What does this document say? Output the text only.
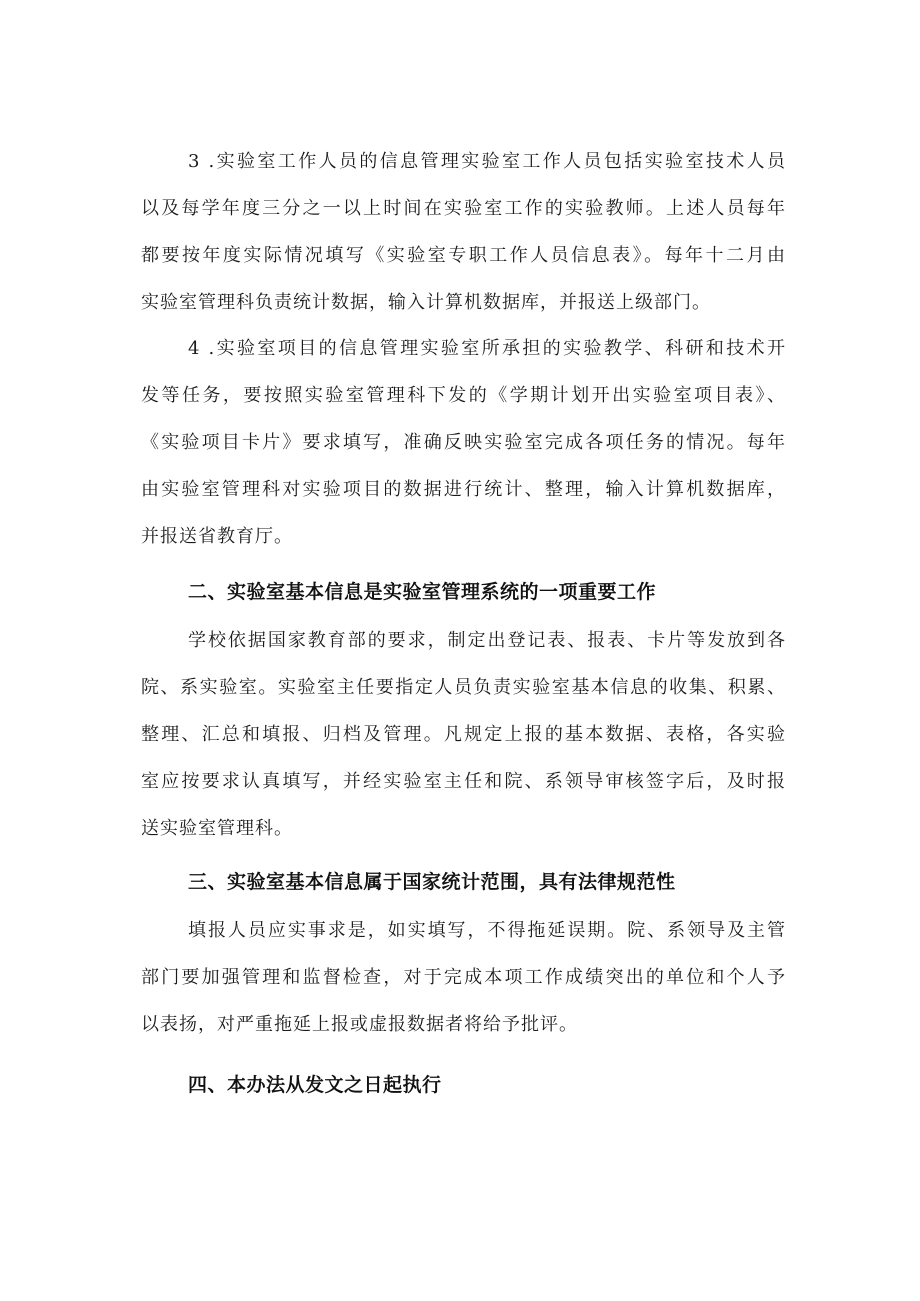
3 .实验室工作人员的信息管理实验室工作人员包括实验室技术人员
以及每学年度三分之一以上时间在实验室工作的实验教师。上述人员每年
都要按年度实际情况填写《实验室专职工作人员信息表》。每年十二月由
实验室管理科负责统计数据，输入计算机数据库，并报送上级部门。
4 .实验室项目的信息管理实验室所承担的实验教学、科研和技术开
发等任务，要按照实验室管理科下发的《学期计划开出实验室项目表》、
《实验项目卡片》要求填写，准确反映实验室完成各项任务的情况。每年
由实验室管理科对实验项目的数据进行统计、整理，输入计算机数据库，
并报送省教育厅。
二、实验室基本信息是实验室管理系统的一项重要工作
学校依据国家教育部的要求，制定出登记表、报表、卡片等发放到各
院、系实验室。实验室主任要指定人员负责实验室基本信息的收集、积累、
整理、汇总和填报、归档及管理。凡规定上报的基本数据、表格，各实验
室应按要求认真填写，并经实验室主任和院、系领导审核签字后，及时报
送实验室管理科。
三、实验室基本信息属于国家统计范围，具有法律规范性
填报人员应实事求是，如实填写，不得拖延误期。院、系领导及主管
部门要加强管理和监督检查，对于完成本项工作成绩突出的单位和个人予
以表扬，对严重拖延上报或虚报数据者将给予批评。
四、本办法从发文之日起执行
